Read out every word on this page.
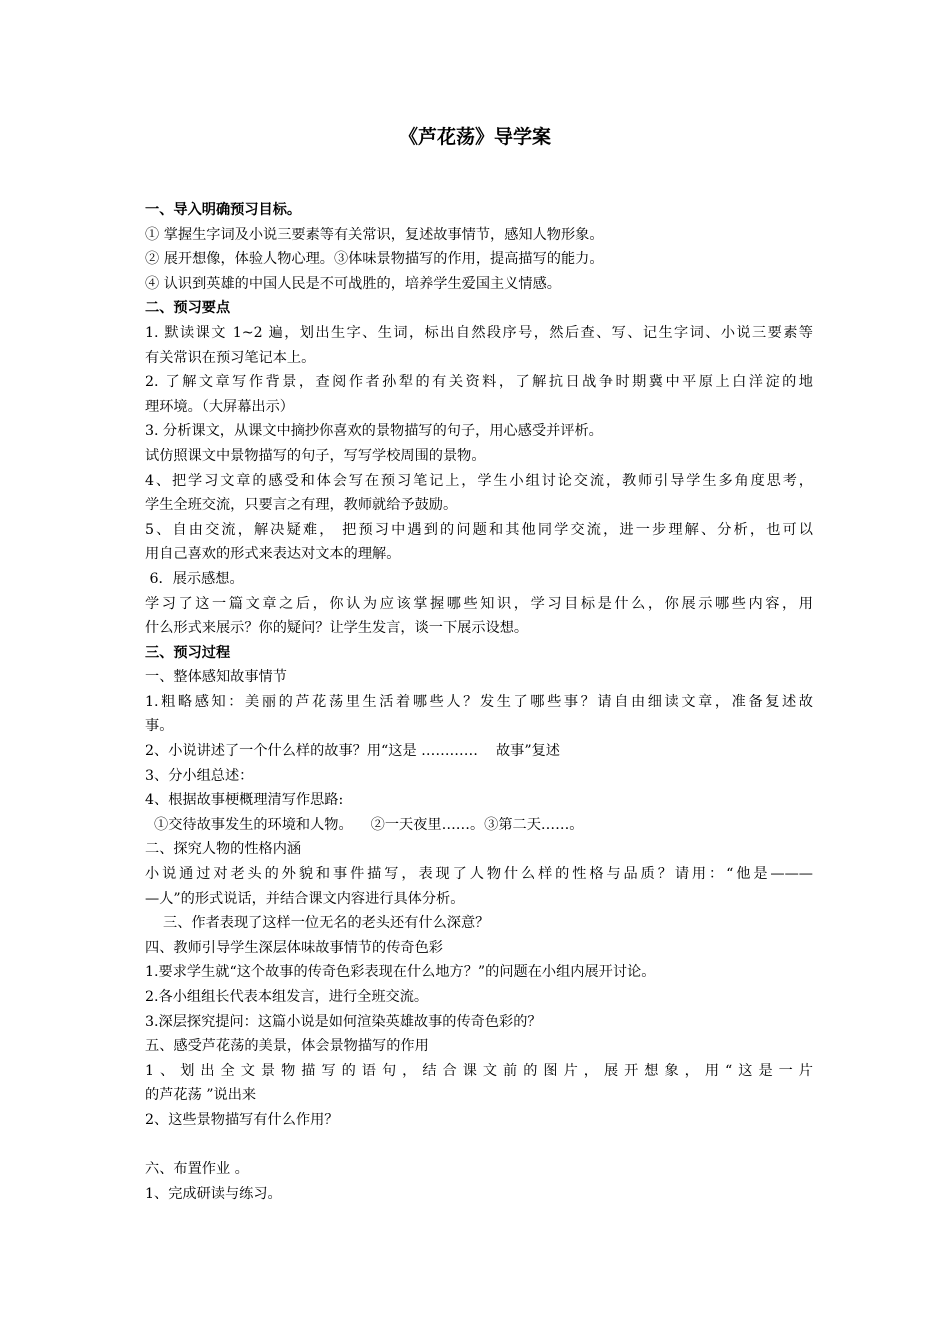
《芦花荡》导学案
一、导入明确预习目标。
① 掌握生字词及小说三要素等有关常识，复述故事情节，感知人物形象。
② 展开想像，体验人物心理。③体味景物描写的作用，提高描写的能力。
④ 认识到英雄的中国人民是不可战胜的，培养学生爱国主义情感。
二、预习要点
1. 默读课文 1~2 遍，划出生字、生词，标出自然段序号，然后查、写、记生字词、小说三要素等
有关常识在预习笔记本上。
2. 了解文章写作背景，查阅作者孙犁的有关资料，了解抗日战争时期冀中平原上白洋淀的地
理环境。（大屏幕出示）
3. 分析课文，从课文中摘抄你喜欢的景物描写的句子，用心感受并评析。
试仿照课文中景物描写的句子，写写学校周围的景物。
4、把学习文章的感受和体会写在预习笔记上，学生小组讨论交流，教师引导学生多角度思考，
学生全班交流，只要言之有理，教师就给予鼓励。
5、自由交流，解决疑难， 把预习中遇到的问题和其他同学交流，进一步理解、分析，也可以
用自己喜欢的形式来表达对文本的理解。
6．展示感想。
学习了这一篇文章之后，你认为应该掌握哪些知识，学习目标是什么，你展示哪些内容，用
什么形式来展示？你的疑问？让学生发言，谈一下展示设想。
三、预习过程
一、整体感知故事情节
1.粗略感知：美丽的芦花荡里生活着哪些人？发生了哪些事？请自由细读文章，准备复述故
事。
2、小说讲述了一个什么样的故事？用“这是 …………    故事”复述
3、分小组总述：
4、根据故事梗概理清写作思路:
①交待故事发生的环境和人物。    ②一天夜里……。③第二天……。
二、探究人物的性格内涵
小说通过对老头的外貌和事件描写，表现了人物什么样的性格与品质？请用：“他是———
—人”的形式说话，并结合课文内容进行具体分析。
三、作者表现了这样一位无名的老头还有什么深意？
四、教师引导学生深层体味故事情节的传奇色彩
1.要求学生就“这个故事的传奇色彩表现在什么地方？”的问题在小组内展开讨论。
2.各小组组长代表本组发言，进行全班交流。
3.深层探究提问：这篇小说是如何渲染英雄故事的传奇色彩的？
五、感受芦花荡的美景，体会景物描写的作用
1、划出全文景物描写的语句，结合课文前的图片，展开想象，用“这是一片
的芦花荡 ”说出来
2、这些景物描写有什么作用？
六、布置作业 。
1、完成研读与练习。
